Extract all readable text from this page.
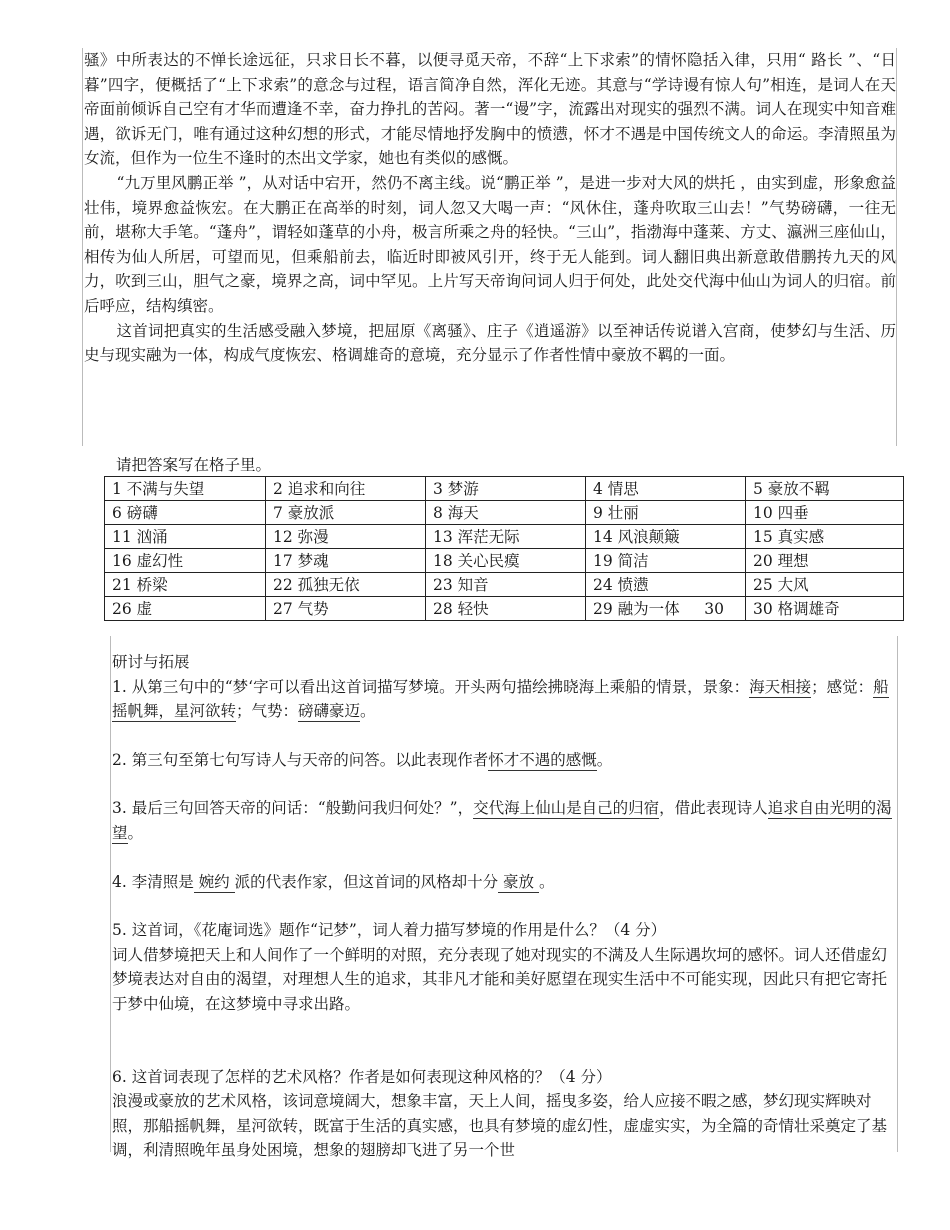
骚》中所表达的不惮长途远征，只求日长不暮，以便寻觅天帝，不辞“上下求索”的情怀隐括入律，只用“ 路长 ”、“日暮”四字，便概括了“上下求索”的意念与过程，语言简净自然，浑化无迹。其意与“学诗谩有惊人句”相连，是词人在天帝面前倾诉自己空有才华而遭逢不幸，奋力挣扎的苦闷。著一“谩”字，流露出对现实的强烈不满。词人在现实中知音难遇，欲诉无门，唯有通过这种幻想的形式，才能尽情地抒发胸中的愤懑，怀才不遇是中国传统文人的命运。李清照虽为女流，但作为一位生不逢时的杰出文学家，她也有类似的感慨。

“九万里风鹏正举 ”，从对话中宕开，然仍不离主线。说“鹏正举 ”，是进一步对大风的烘托 ，由实到虚，形象愈益壮伟，境界愈益恢宏。在大鹏正在高举的时刻，词人忽又大喝一声：“风休住，蓬舟吹取三山去！”气势磅礴，一往无前，堪称大手笔。“蓬舟”，谓轻如蓬草的小舟，极言所乘之舟的轻快。“三山”，指渤海中蓬莱、方丈、瀛洲三座仙山，相传为仙人所居，可望而见，但乘船前去，临近时即被风引开，终于无人能到。词人翻旧典出新意敢借鹏抟九天的风力，吹到三山，胆气之豪，境界之高，词中罕见。上片写天帝询问词人归于何处，此处交代海中仙山为词人的归宿。前后呼应，结构缜密。

这首词把真实的生活感受融入梦境，把屈原《离骚》、庄子《逍遥游》以至神话传说谱入宫商，使梦幻与生活、历史与现实融为一体，构成气度恢宏、格调雄奇的意境，充分显示了作者性情中豪放不羁的一面。

请把答案写在格子里。
1 不满与失望	2 追求和向往	3 梦游	4 情思	5 豪放不羁
6 磅礴	7 豪放派	8 海天	9 壮丽	10 四垂
11 汹涌	12 弥漫	13 浑茫无际	14 风浪颠簸	15 真实感
16 虚幻性	17 梦魂	18 关心民瘼	19 简洁	20 理想
21 桥梁	22 孤独无依	23 知音	24 愤懑	25 大风
26 虚	27 气势	28 轻快	29 融为一体     30	30 格调雄奇

研讨与拓展

1. 从第三句中的“梦‘字可以看出这首词描写梦境。开头两句描绘拂晓海上乘船的情景，景象：海天相接；感觉：船摇帆舞，星河欲转；气势：磅礴豪迈。

2. 第三句至第七句写诗人与天帝的问答。以此表现作者怀才不遇的感慨。

3. 最后三句回答天帝的问话：“般勤问我归何处？”，交代海上仙山是自己的归宿，借此表现诗人追求自由光明的渴望。

4. 李清照是 婉约 派的代表作家，但这首词的风格却十分 豪放 。

5. 这首词，《花庵词选》题作“记梦”，词人着力描写梦境的作用是什么？（4 分）

词人借梦境把天上和人间作了一个鲜明的对照，充分表现了她对现实的不满及人生际遇坎坷的感怀。词人还借虚幻梦境表达对自由的渴望，对理想人生的追求，其非凡才能和美好愿望在现实生活中不可能实现，因此只有把它寄托于梦中仙境，在这梦境中寻求出路。

6. 这首词表现了怎样的艺术风格？作者是如何表现这种风格的？（4 分）

浪漫或豪放的艺术风格，该词意境阔大，想象丰富，天上人间，摇曳多姿，给人应接不暇之感，梦幻现实辉映对照，那船摇帆舞，星河欲转，既富于生活的真实感，也具有梦境的虚幻性，虚虚实实，为全篇的奇情壮采奠定了基调，利清照晚年虽身处困境，想象的翅膀却飞进了另一个世
